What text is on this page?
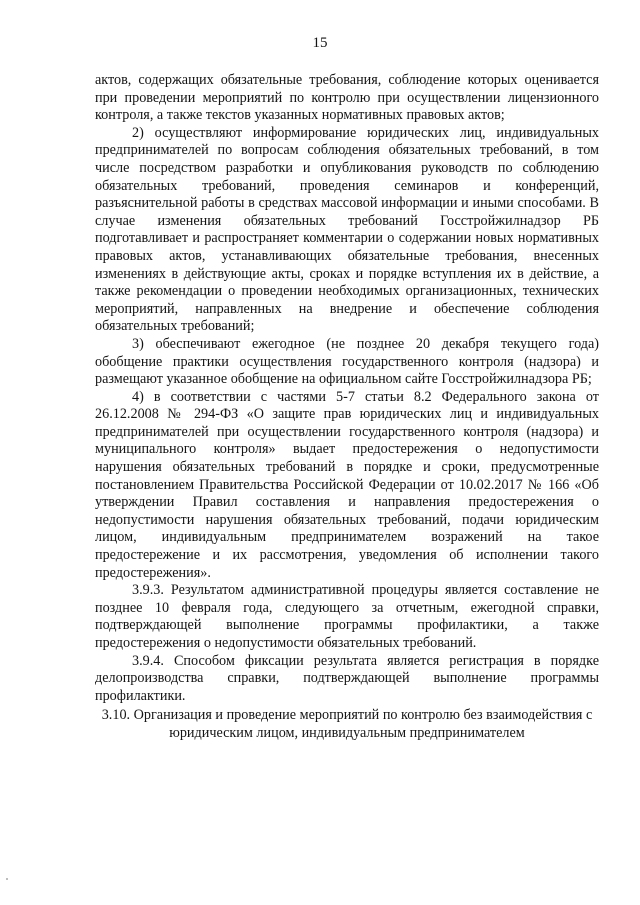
15

актов, содержащих обязательные требования, соблюдение которых оценивается при проведении мероприятий по контролю при осуществлении лицензионного контроля, а также текстов указанных нормативных правовых актов;

2) осуществляют информирование юридических лиц, индивидуальных предпринимателей по вопросам соблюдения обязательных требований, в том числе посредством разработки и опубликования руководств по соблюдению обязательных требований, проведения семинаров и конференций, разъяснительной работы в средствах массовой информации и иными способами. В случае изменения обязательных требований Госстройжилнадзор РБ подготавливает и распространяет комментарии о содержании новых нормативных правовых актов, устанавливающих обязательные требования, внесенных изменениях в действующие акты, сроках и порядке вступления их в действие, а также рекомендации о проведении необходимых организационных, технических мероприятий, направленных на внедрение и обеспечение соблюдения обязательных требований;

3) обеспечивают ежегодное (не позднее 20 декабря текущего года) обобщение практики осуществления государственного контроля (надзора) и размещают указанное обобщение на официальном сайте Госстройжилнадзора РБ;

4) в соответствии с частями 5-7 статьи 8.2 Федерального закона от 26.12.2008 № 294-ФЗ «О защите прав юридических лиц и индивидуальных предпринимателей при осуществлении государственного контроля (надзора) и муниципального контроля» выдает предостережения о недопустимости нарушения обязательных требований в порядке и сроки, предусмотренные постановлением Правительства Российской Федерации от 10.02.2017 № 166 «Об утверждении Правил составления и направления предостережения о недопустимости нарушения обязательных требований, подачи юридическим лицом, индивидуальным предпринимателем возражений на такое предостережение и их рассмотрения, уведомления об исполнении такого предостережения».

3.9.3. Результатом административной процедуры является составление не позднее 10 февраля года, следующего за отчетным, ежегодной справки, подтверждающей выполнение программы профилактики, а также предостережения о недопустимости обязательных требований.

3.9.4. Способом фиксации результата является регистрация в порядке делопроизводства справки, подтверждающей выполнение программы профилактики.

3.10. Организация и проведение мероприятий по контролю без взаимодействия с юридическим лицом, индивидуальным предпринимателем
